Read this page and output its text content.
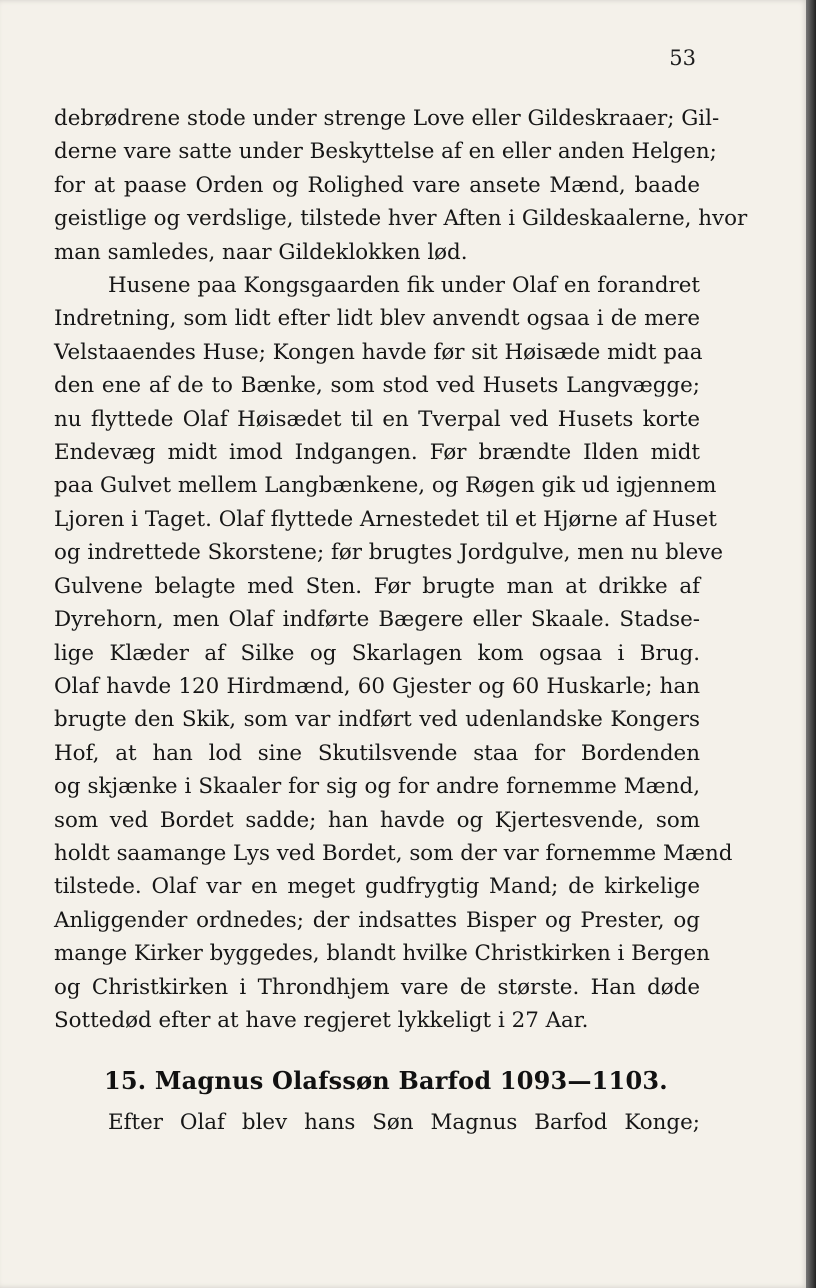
53
debrødrene stode under strenge Love eller Gildeskraaer; Gil-
derne vare satte under Beskyttelse af en eller anden Helgen;
for at paase Orden og Rolighed vare ansete Mænd, baade
geistlige og verdslige, tilstede hver Aften i Gildeskaalerne, hvor
man samledes, naar Gildeklokken lød.
Husene paa Kongsgaarden fik under Olaf en forandret
Indretning, som lidt efter lidt blev anvendt ogsaa i de mere
Velstaaendes Huse; Kongen havde før sit Høisæde midt paa
den ene af de to Bænke, som stod ved Husets Langvægge;
nu flyttede Olaf Høisædet til en Tverpal ved Husets korte
Endevæg midt imod Indgangen. Før brændte Ilden midt
paa Gulvet mellem Langbænkene, og Røgen gik ud igjennem
Ljoren i Taget. Olaf flyttede Arnestedet til et Hjørne af Huset
og indrettede Skorstene; før brugtes Jordgulve, men nu bleve
Gulvene belagte med Sten. Før brugte man at drikke af
Dyrehorn, men Olaf indførte Bægere eller Skaale. Stadse-
lige Klæder af Silke og Skarlagen kom ogsaa i Brug.
Olaf havde 120 Hirdmænd, 60 Gjester og 60 Huskarle; han
brugte den Skik, som var indført ved udenlandske Kongers
Hof, at han lod sine Skutilsvende staa for Bordenden
og skjænke i Skaaler for sig og for andre fornemme Mænd,
som ved Bordet sadde; han havde og Kjertesvende, som
holdt saamange Lys ved Bordet, som der var fornemme Mænd
tilstede. Olaf var en meget gudfrygtig Mand; de kirkelige
Anliggender ordnedes; der indsattes Bisper og Prester, og
mange Kirker byggedes, blandt hvilke Christkirken i Bergen
og Christkirken i Throndhjem vare de største. Han døde
Sottedød efter at have regjeret lykkeligt i 27 Aar.
15. Magnus Olafssøn Barfod 1093—1103.
Efter Olaf blev hans Søn Magnus Barfod Konge;
